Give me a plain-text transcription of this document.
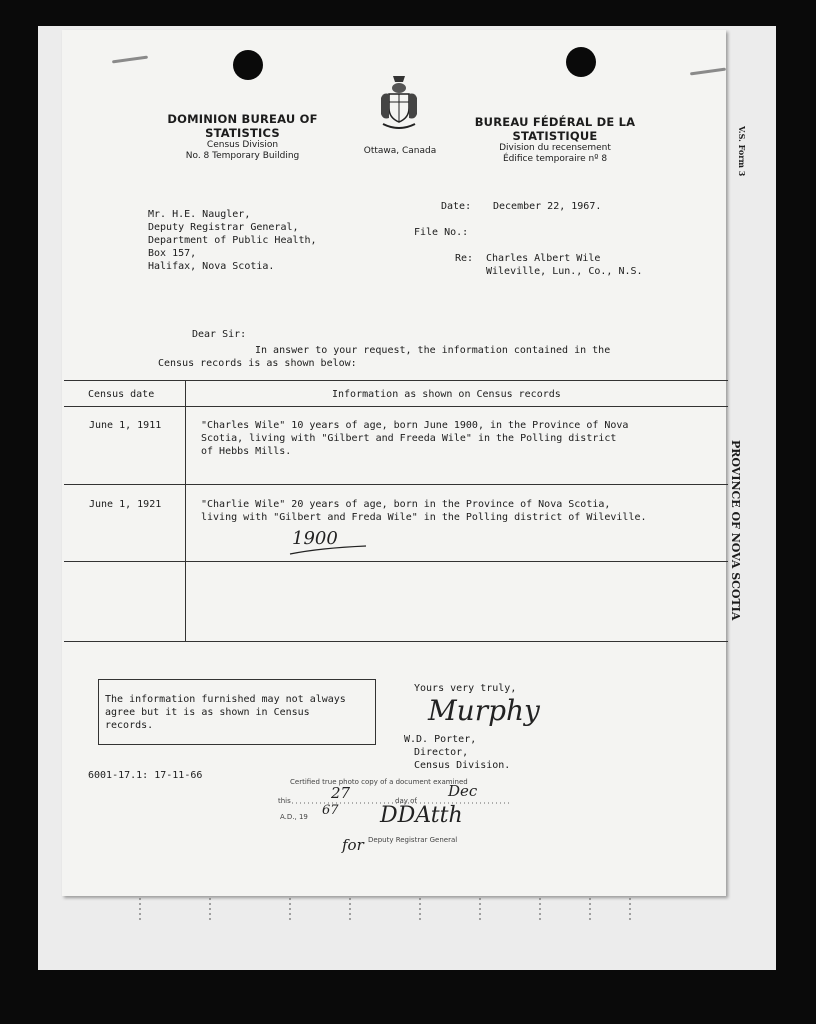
DOMINION BUREAU OF STATISTICS
Census Division
No. 8 Temporary Building	Ottawa, Canada
BUREAU FÉDÉRAL DE LA STATISTIQUE
Division du recensement
Édifice temporaire nº 8	V.S. Form 3
PROVINCE OF NOVA SCOTIA
Mr. H.E. Naugler,
Deputy Registrar General,
Department of Public Health,
Box 157,
Halifax, Nova Scotia.
Date: December 22, 1967.
File No.:
Re: Charles Albert Wile
Wileville, Lun., Co., N.S.
Dear Sir:
In answer to your request, the information contained in the
Census records is as shown below:
Census date	Information as shown on Census records
June 1, 1911	"Charles Wile" 10 years of age, born June 1900, in the Province of Nova
Scotia, living with "Gilbert and Freeda Wile" in the Polling district
of Hebbs Mills.
June 1, 1921	"Charlie Wile" 20 years of age, born in the Province of Nova Scotia,
living with "Gilbert and Freda Wile" in the Polling district of Wileville.
1900
The information furnished may not always
agree but it is as shown in Census
records.
Yours very truly,
Murphy
W.D. Porter,
Director,
Census Division.
6001-17.1: 17-11-66
Certified true photo copy of a document examined
this	27	day of
Dec
A.D., 19 67 DDAtth
for Deputy Registrar General
